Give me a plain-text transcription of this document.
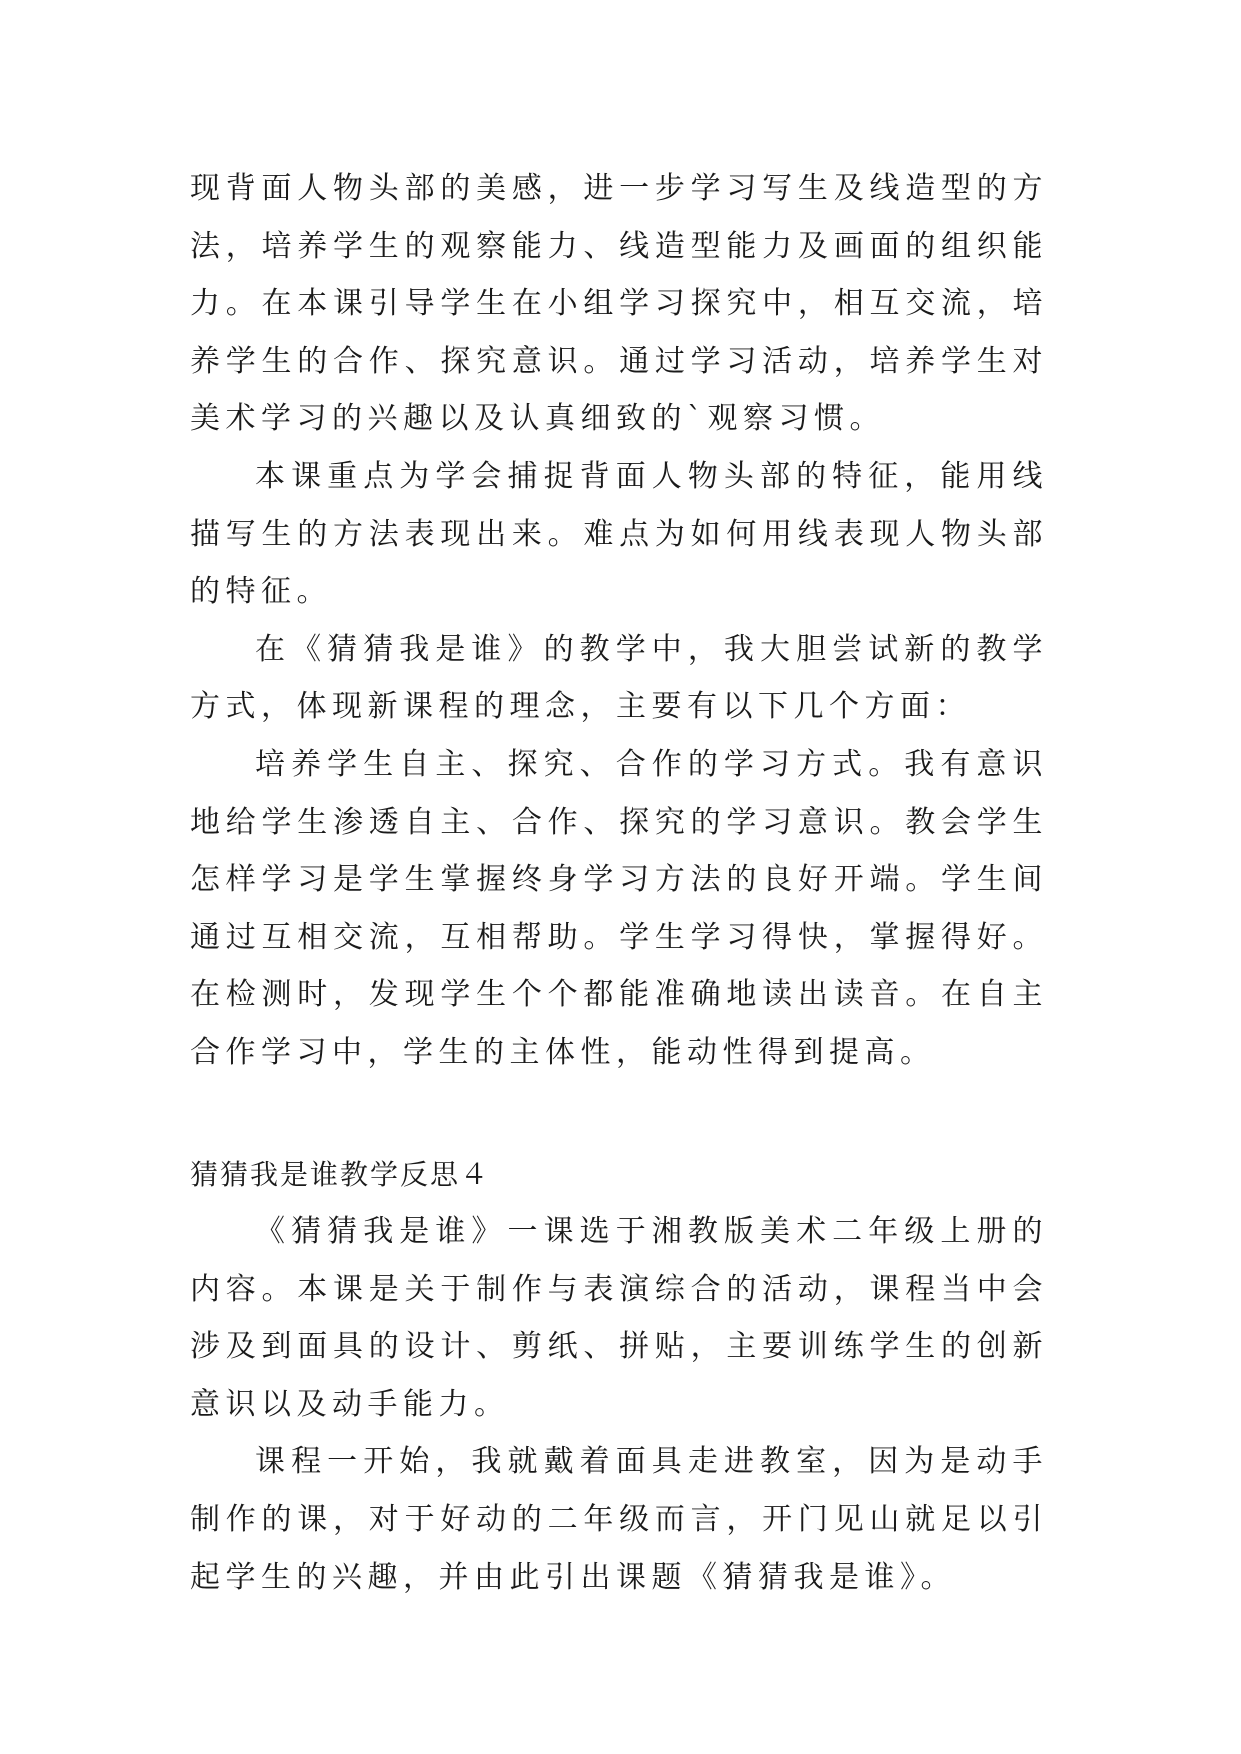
现背面人物头部的美感，进一步学习写生及线造型的方法，培养学生的观察能力、线造型能力及画面的组织能力。在本课引导学生在小组学习探究中，相互交流，培养学生的合作、探究意识。通过学习活动，培养学生对美术学习的兴趣以及认真细致的`观察习惯。

本课重点为学会捕捉背面人物头部的特征，能用线描写生的方法表现出来。难点为如何用线表现人物头部的特征。

在《猜猜我是谁》的教学中，我大胆尝试新的教学方式，体现新课程的理念，主要有以下几个方面：

培养学生自主、探究、合作的学习方式。我有意识地给学生渗透自主、合作、探究的学习意识。教会学生怎样学习是学生掌握终身学习方法的良好开端。学生间通过互相交流，互相帮助。学生学习得快，掌握得好。在检测时，发现学生个个都能准确地读出读音。在自主合作学习中，学生的主体性，能动性得到提高。

猜猜我是谁教学反思４

《猜猜我是谁》一课选于湘教版美术二年级上册的内容。本课是关于制作与表演综合的活动，课程当中会涉及到面具的设计、剪纸、拼贴，主要训练学生的创新意识以及动手能力。

课程一开始，我就戴着面具走进教室，因为是动手制作的课，对于好动的二年级而言，开门见山就足以引起学生的兴趣，并由此引出课题《猜猜我是谁》。
